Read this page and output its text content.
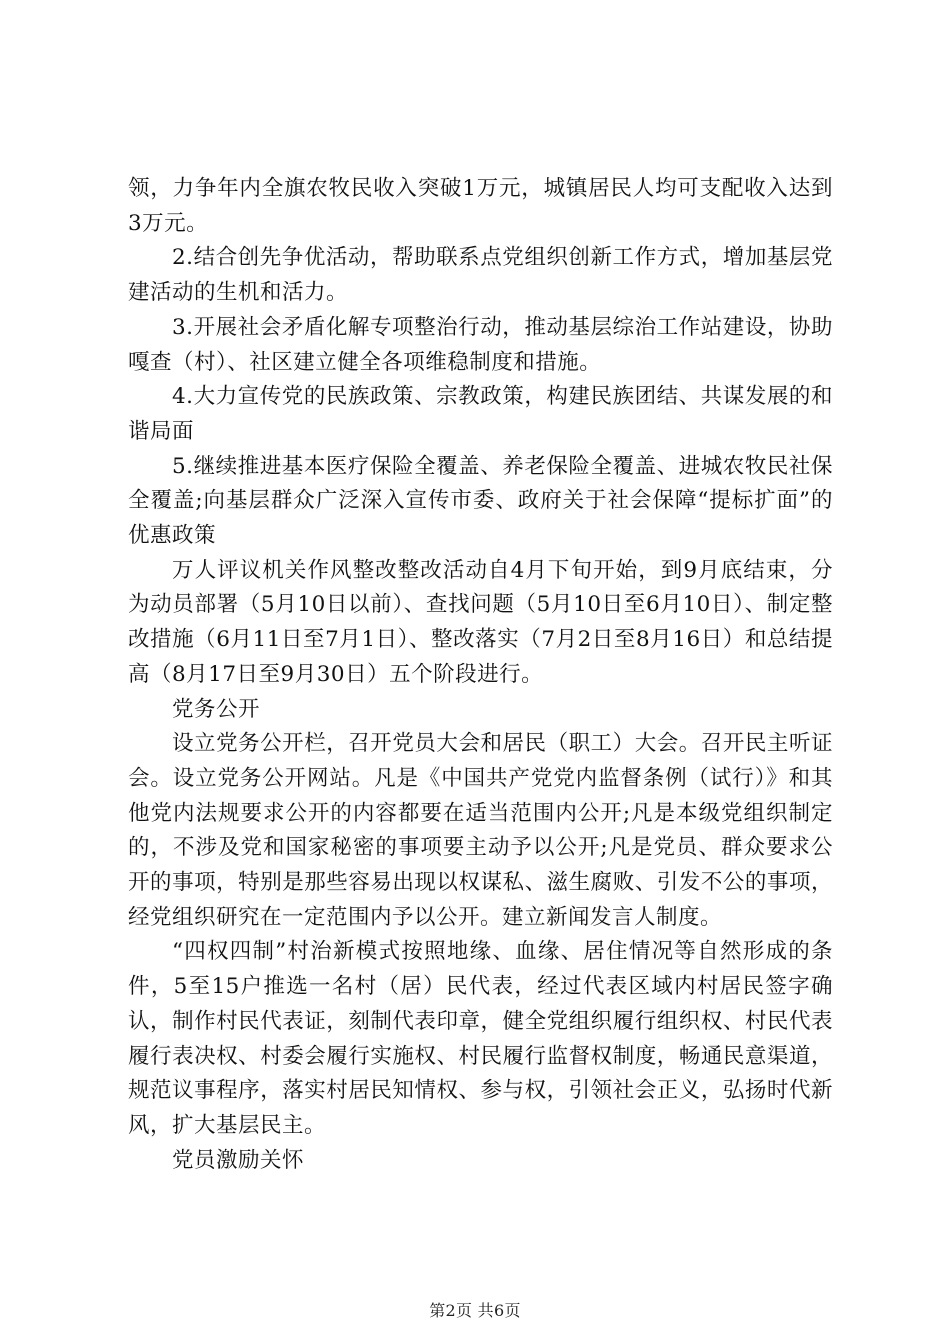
领，力争年内全旗农牧民收入突破1万元，城镇居民人均可支配收入达到3万元。

2.结合创先争优活动，帮助联系点党组织创新工作方式，增加基层党建活动的生机和活力。

3.开展社会矛盾化解专项整治行动，推动基层综治工作站建设，协助嘎查（村）、社区建立健全各项维稳制度和措施。

4.大力宣传党的民族政策、宗教政策，构建民族团结、共谋发展的和谐局面

5.继续推进基本医疗保险全覆盖、养老保险全覆盖、进城农牧民社保全覆盖;向基层群众广泛深入宣传市委、政府关于社会保障“提标扩面”的优惠政策

万人评议机关作风整改整改活动自4月下旬开始，到9月底结束，分为动员部署（5月10日以前）、查找问题（5月10日至6月10日）、制定整改措施（6月11日至7月1日）、整改落实（7月2日至8月16日）和总结提高（8月17日至9月30日）五个阶段进行。

党务公开

设立党务公开栏，召开党员大会和居民（职工）大会。召开民主听证会。设立党务公开网站。凡是《中国共产党党内监督条例（试行）》和其他党内法规要求公开的内容都要在适当范围内公开;凡是本级党组织制定的，不涉及党和国家秘密的事项要主动予以公开;凡是党员、群众要求公开的事项，特别是那些容易出现以权谋私、滋生腐败、引发不公的事项，经党组织研究在一定范围内予以公开。建立新闻发言人制度。

“四权四制”村治新模式按照地缘、血缘、居住情况等自然形成的条件，5至15户推选一名村（居）民代表，经过代表区域内村居民签字确认，制作村民代表证，刻制代表印章，健全党组织履行组织权、村民代表履行表决权、村委会履行实施权、村民履行监督权制度，畅通民意渠道，规范议事程序，落实村居民知情权、参与权，引领社会正义，弘扬时代新风，扩大基层民主。

党员激励关怀

第2页 共6页
